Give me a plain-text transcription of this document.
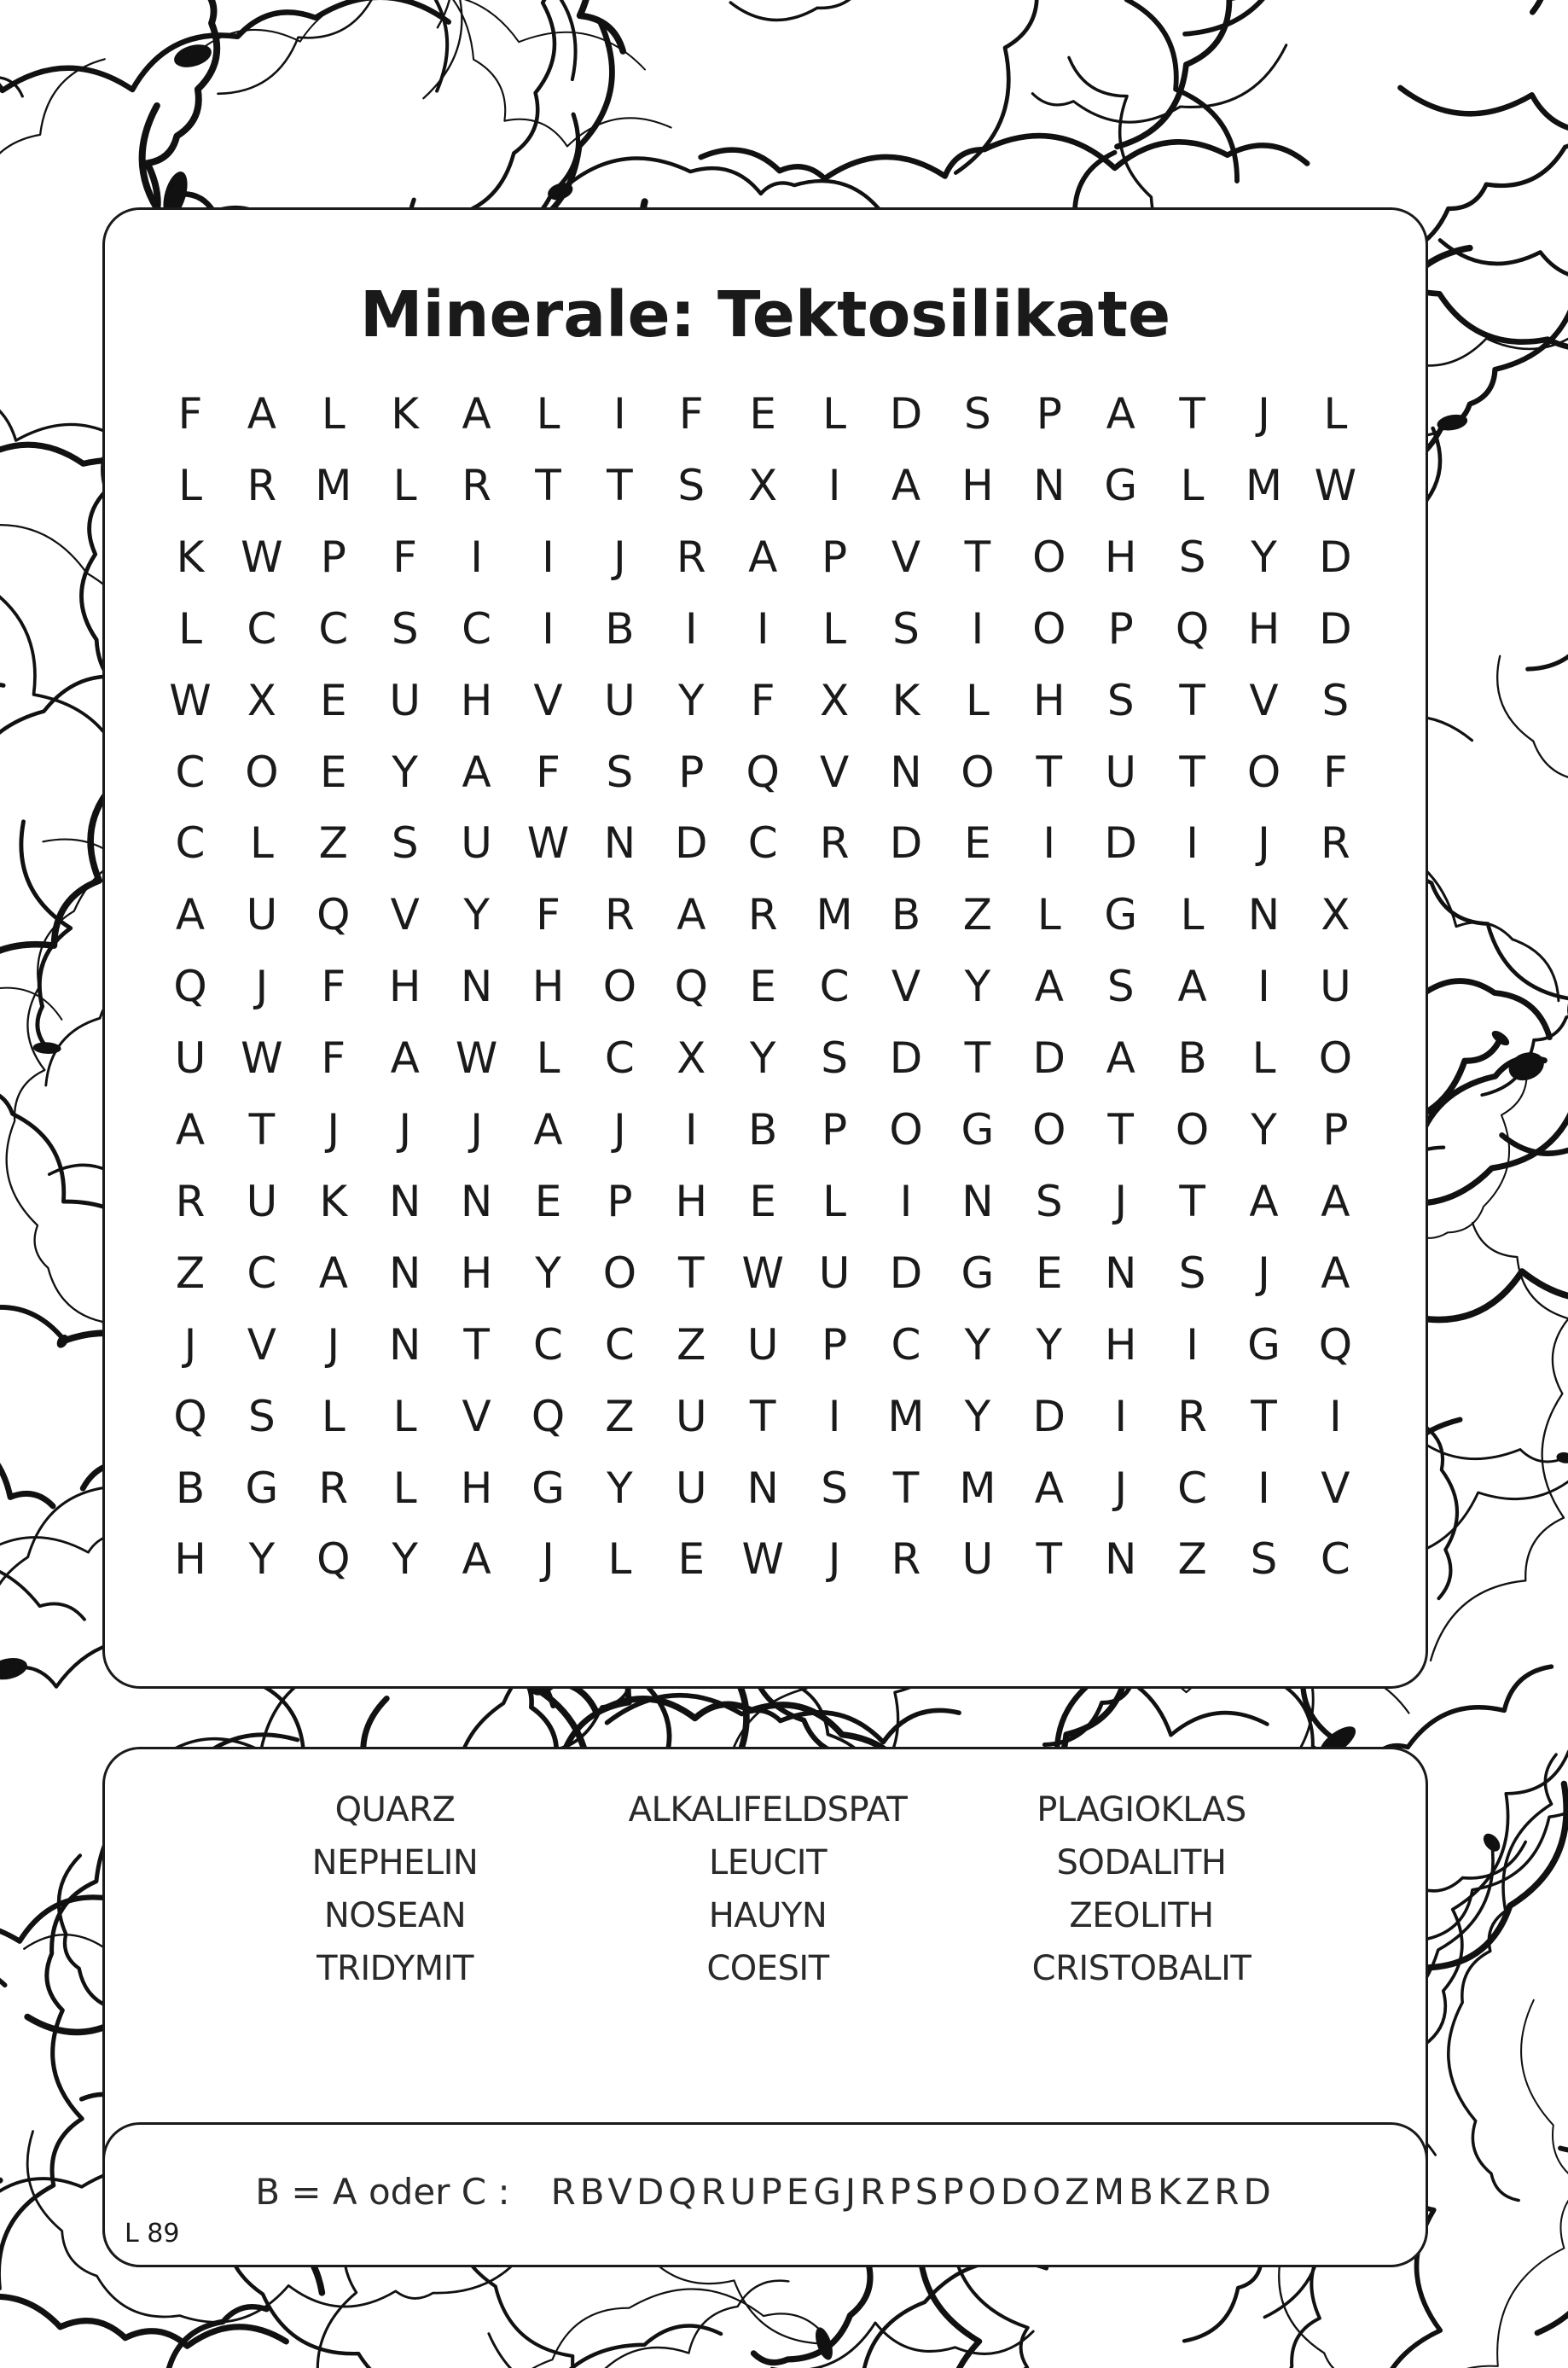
Minerale: Tektosilikate
F	A	L	K	A	L	I	F	E	L	D S	P	A	T	J	L
L	R M L	R	T	T	S	X	I	A H N G	L M W
K W P	F	I	I	J	R A	P	V	T O H S	Y D
L	C C	S	C	I	B	I	I	L	S	I	O P Q H D
W X	E U H V U	Y	F	X	K	L	H S	T	V	S
C O E	Y	A	F	S	P Q V N O T	U	T O F
C	L	Z	S U W N D C R D E	I	D	I	J	R
A U Q V	Y	F	R A R M B Z	L	G	L	N X
Q	J	F	H N H O Q E	C V	Y	A	S	A	I	U
U W F	A W L	C X	Y	S D T D A B	L	O
A	T	J	J	J	A	J	I	B	P O G O T O Y	P
R U K N N E	P	H E	L	I	N S	J	T	A A
Z C A N H Y O T W U D G E N S	J	A
J	V	J	N T	C C Z U	P	C	Y	Y H	I	G Q
Q S	L	L	V Q Z U	T	I	M Y D	I	R	T	I
B G R	L	H G Y	U N S	T M A	J	C	I	V
H Y Q Y	A	J	L	E W	J	R U	T N Z	S	C
QUARZ
NEPHELIN
NOSEAN
TRIDYMIT
ALKALIFELDSPAT
LEUCIT
HAUYN
COESIT
PLAGIOKLAS
SODALITH
ZEOLITH
CRISTOBALIT
B = A oder C : RBVDQRUPEGJRPSPODOZMBKZRD
L 89
